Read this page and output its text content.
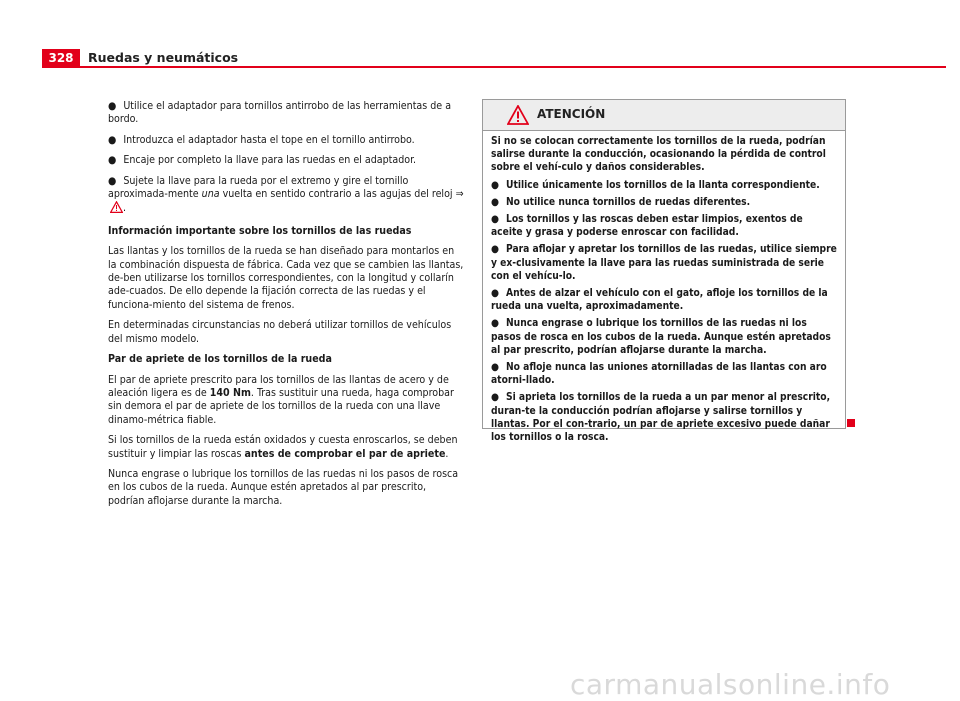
328	Ruedas y neumáticos
● Utilice el adaptador para tornillos antirrobo de las herramientas de a bordo.
● Introduzca el adaptador hasta el tope en el tornillo antirrobo.
● Encaje por completo la llave para las ruedas en el adaptador.
● Sujete la llave para la rueda por el extremo y gire el tornillo aproximada-mente una vuelta en sentido contrario a las agujas del reloj ⇒ .

Información importante sobre los tornillos de las ruedas

Las llantas y los tornillos de la rueda se han diseñado para montarlos en la combinación dispuesta de fábrica. Cada vez que se cambien las llantas, de-ben utilizarse los tornillos correspondientes, con la longitud y collarín ade-cuados. De ello depende la fijación correcta de las ruedas y el funciona-miento del sistema de frenos.

En determinadas circunstancias no deberá utilizar tornillos de vehículos del mismo modelo.

Par de apriete de los tornillos de la rueda

El par de apriete prescrito para los tornillos de las llantas de acero y de aleación ligera es de 140 Nm. Tras sustituir una rueda, haga comprobar sin demora el par de apriete de los tornillos de la rueda con una llave dinamo-métrica fiable.

Si los tornillos de la rueda están oxidados y cuesta enroscarlos, se deben sustituir y limpiar las roscas antes de comprobar el par de apriete.

Nunca engrase o lubrique los tornillos de las ruedas ni los pasos de rosca en los cubos de la rueda. Aunque estén apretados al par prescrito, podrían aflojarse durante la marcha.

ATENCIÓN

Si no se colocan correctamente los tornillos de la rueda, podrían salirse durante la conducción, ocasionando la pérdida de control sobre el vehí-culo y daños considerables.

● Utilice únicamente los tornillos de la llanta correspondiente.
● No utilice nunca tornillos de ruedas diferentes.
● Los tornillos y las roscas deben estar limpios, exentos de aceite y grasa y poderse enroscar con facilidad.
● Para aflojar y apretar los tornillos de las ruedas, utilice siempre y ex-clusivamente la llave para las ruedas suministrada de serie con el vehícu-lo.
● Antes de alzar el vehículo con el gato, afloje los tornillos de la rueda una vuelta, aproximadamente.
● Nunca engrase o lubrique los tornillos de las ruedas ni los pasos de rosca en los cubos de la rueda. Aunque estén apretados al par prescrito, podrían aflojarse durante la marcha.
● No afloje nunca las uniones atornilladas de las llantas con aro atorni-llado.
● Si aprieta los tornillos de la rueda a un par menor al prescrito, duran-te la conducción podrían aflojarse y salirse tornillos y llantas. Por el con-trario, un par de apriete excesivo puede dañar los tornillos o la rosca.
carmanualsonline.info
